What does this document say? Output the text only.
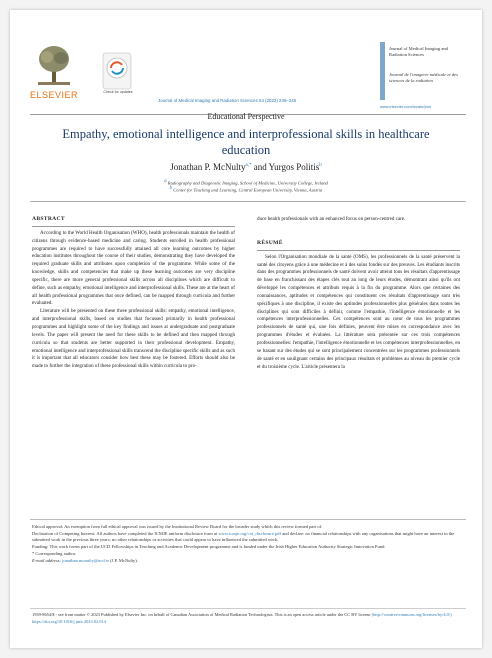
ELSEVIER	Check for updates
Journal of Medical Imaging and Radiation Sciences 54 (2023) 236–246
Journal of Medical Imaging and Radiation Sciences
Journal de l'imagerie médicale et des sciences de la radiation
www.elsevier.com/locate/jmir
Educational Perspective
Empathy, emotional intelligence and interprofessional skills in healthcare education
Jonathan P. McNulty$^{a,*}$ and Yurgos Politis$^b$
$^a$ Radiography and Diagnostic Imaging, School of Medicine, University College, Ireland
$^b$ Center for Teaching and Learning, Central European University, Vienna, Austria
ABSTRACT

According to the World Health Organisation (WHO), health professionals maintain the health of citizens through evidence-based medicine and caring. Students enrolled in health professional programmes are required to have successfully attained all core learning outcomes by higher education institutes throughout the course of their studies, demonstrating they have developed the required graduate skills and attributes upon completion of the programme. While some of the knowledge, skills and competencies that make up these learning outcomes are very discipline specific, there are more general professional skills across all disciplines which are difficult to define, such as empathy, emotional intelligence and interprofessional skills. These are at the heart of all health professional programmes that once defined, can be mapped through curricula and further evaluated.

Literature will be presented on these three professional skills: empathy, emotional intelligence, and interprofessional skills, based on studies that focussed primarily in health professional programmes and highlight some of the key findings and issues at undergraduate and postgraduate levels. The paper will present the need for these skills to be defined and then mapped through curricula so that students are better supported in their professional development. Empathy, emotional intelligence and interprofessional skills transcend the discipline specific skills and as such it is important that all educators consider how best these may be fostered. Efforts should also be made to further the integration of these professional skills within curricula to pro-

duce health professionals with an enhanced focus on person-centred care.

RÉSUMÉ

Selon l'Organisation mondiale de la santé (OMS), les professionnels de la santé préservent la santé des citoyens grâce à une médecine et à des soins fondés sur des preuves. Les étudiants inscrits dans des programmes professionnels de santé doivent avoir atteint tous les résultats d'apprentissage de base en franchissant des étapes clés tout au long de leurs études, démontrant ainsi qu'ils ont développé les compétences et attributs requis à la fin du programme. Alors que certaines des connaissances, aptitudes et compétences qui constituent ces résultats d'apprentissage sont très spécifiques à une discipline, il existe des aptitudes professionnelles plus générales dans toutes les disciplines qui sont difficiles à définir, comme l'empathie, l'intelligence émotionnelle et les compétences interprofessionnelles. Ces compétences sont au cœur de tous les programmes professionnels de santé qui, une fois définies, peuvent être mises en correspondance avec les programmes d'études et évaluées. La littérature sera présentée sur ces trois compétences professionnelles: l'empathie, l'intelligence émotionnelle et les compétences interprofessionnelles, en se basant sur des études qui se sont principalement concentrées sur les programmes professionnels de santé et en soulignant certains des principaux résultats et problèmes au niveau du premier cycle et du troisième cycle. L'article présentera la

Ethical approval: An exemption from full ethical approval was issued by the Institutional Review Board for the broader study which this review formed part of.

Declaration of Competing Interest: All authors have completed the ICMJE uniform disclosure form at www.icmje.org/coi_disclosure.pdf and declare: no financial relationships with any organisations that might have an interest in the submitted work in the previous three years; no other relationships or activities that could appear to have influenced the submitted work.

Funding: This work forms part of the UCD Fellowships in Teaching and Academic Development programme and is funded under the Irish Higher Education Authority Strategic Innovation Fund.

* Corresponding author.

E-mail address: jonathan.mcnulty@ucd.ie (J.P. McNulty).

1939-8654/$ - see front matter © 2023 Published by Elsevier Inc. on behalf of Canadian Association of Medical Radiation Technologists. This is an open access article under the CC BY license (http://creativecommons.org/licenses/by/4.0/)
https://doi.org/10.1016/j.jmir.2023.02.014
